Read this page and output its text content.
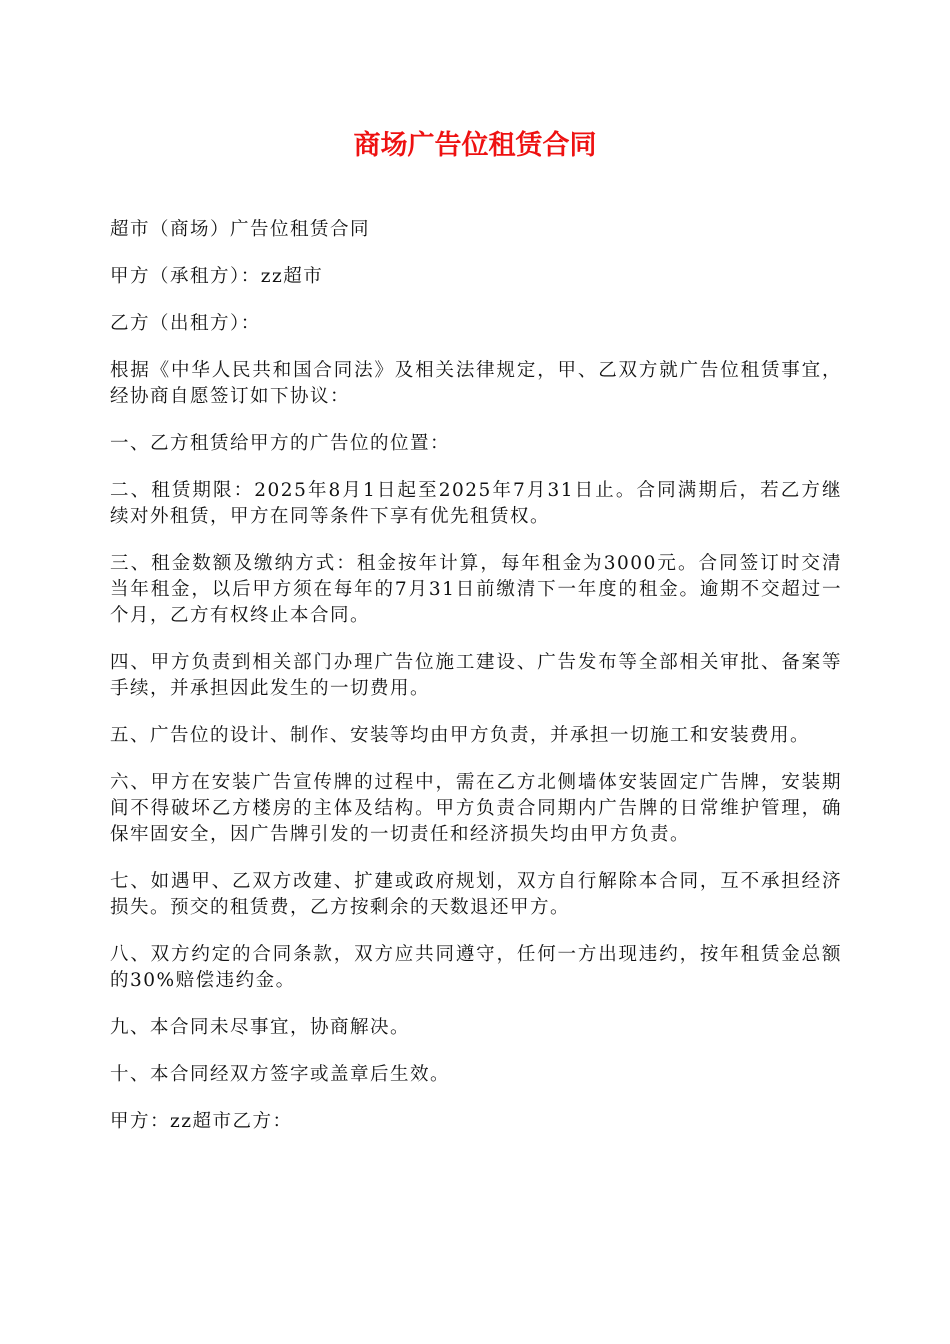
商场广告位租赁合同

超市（商场）广告位租赁合同

甲方（承租方）：zz超市

乙方（出租方）：

根据《中华人民共和国合同法》及相关法律规定，甲、乙双方就广告位租赁事宜，经协商自愿签订如下协议：

一、乙方租赁给甲方的广告位的位置：

二、租赁期限：2025年8月1日起至2025年7月31日止。合同满期后，若乙方继续对外租赁，甲方在同等条件下享有优先租赁权。

三、租金数额及缴纳方式：租金按年计算，每年租金为3000元。合同签订时交清当年租金，以后甲方须在每年的7月31日前缴清下一年度的租金。逾期不交超过一个月，乙方有权终止本合同。

四、甲方负责到相关部门办理广告位施工建设、广告发布等全部相关审批、备案等手续，并承担因此发生的一切费用。

五、广告位的设计、制作、安装等均由甲方负责，并承担一切施工和安装费用。

六、甲方在安装广告宣传牌的过程中，需在乙方北侧墙体安装固定广告牌，安装期间不得破坏乙方楼房的主体及结构。甲方负责合同期内广告牌的日常维护管理，确保牢固安全，因广告牌引发的一切责任和经济损失均由甲方负责。

七、如遇甲、乙双方改建、扩建或政府规划，双方自行解除本合同，互不承担经济损失。预交的租赁费，乙方按剩余的天数退还甲方。

八、双方约定的合同条款，双方应共同遵守，任何一方出现违约，按年租赁金总额的30%赔偿违约金。

九、本合同未尽事宜，协商解决。

十、本合同经双方签字或盖章后生效。

甲方：zz超市乙方：
